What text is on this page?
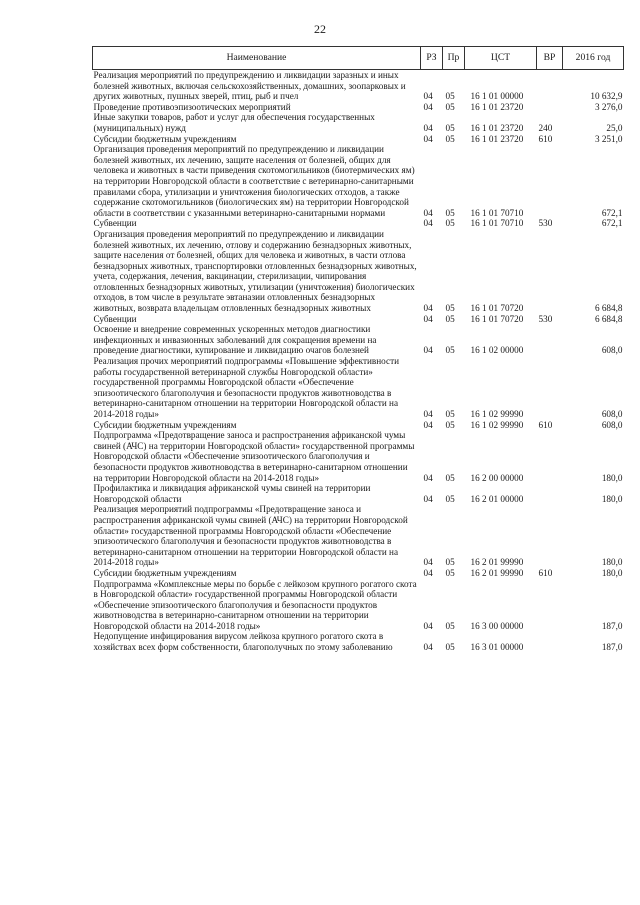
22
Наименование	РЗ	Пр	ЦСТ	ВР	2016 год
Реализация мероприятий по предупреждению и ликвидации заразных и иных болезней животных, включая сельскохозяйственных, домашних, зоопарковых и других животных, пушных зверей, птиц, рыб и пчел	04	05	16 1 01 00000		10 632,9
Проведение противоэпизоотических мероприятий	04	05	16 1 01 23720		3 276,0
Иные закупки товаров, работ и услуг для обеспечения государственных (муниципальных) нужд	04	05	16 1 01 23720	240	25,0
Субсидии бюджетным учреждениям	04	05	16 1 01 23720	610	3 251,0
Организация проведения мероприятий по предупреждению и ликвидации болезней животных, их лечению, защите населения от болезней, общих для человека и животных в части приведения скотомогильников (биотермических ям) на территории Новгородской области в соответствие с ветеринарно-санитарными правилами сбора, утилизации и уничтожения биологических отходов, а также содержание скотомогильников (биологических ям) на территории Новгородской области в соответствии с указанными ветеринарно-санитарными нормами	04	05	16 1 01 70710		672,1
Субвенции	04	05	16 1 01 70710	530	672,1
Организация проведения мероприятий по предупреждению и ликвидации болезней животных, их лечению, отлову и содержанию безнадзорных животных, защите населения от болезней, общих для человека и животных, в части отлова безнадзорных животных, транспортировки отловленных безнадзорных животных, учета, содержания, лечения, вакцинации, стерилизации, чипирования отловленных безнадзорных животных, утилизации (уничтожения) биологических отходов, в том числе в результате эвтаназии отловленных безнадзорных животных, возврата владельцам отловленных безнадзорных животных	04	05	16 1 01 70720		6 684,8
Субвенции	04	05	16 1 01 70720	530	6 684,8
Освоение и внедрение современных ускоренных методов диагностики инфекционных и инвазионных заболеваний для сокращения времени на проведение диагностики, купирование и ликвидацию очагов болезней	04	05	16 1 02 00000		608,0
Реализация прочих мероприятий подпрограммы «Повышение эффективности работы государственной ветеринарной службы Новгородской области» государственной программы Новгородской области «Обеспечение эпизоотического благополучия и безопасности продуктов животноводства в ветеринарно-санитарном отношении на территории Новгородской области на 2014-2018 годы»	04	05	16 1 02 99990		608,0
Субсидии бюджетным учреждениям	04	05	16 1 02 99990	610	608,0
Подпрограмма «Предотвращение заноса и распространения африканской чумы свиней (АЧС) на территории Новгородской области» государственной программы Новгородской области «Обеспечение эпизоотического благополучия и безопасности продуктов животноводства в ветеринарно-санитарном отношении на территории Новгородской области на 2014-2018 годы»	04	05	16 2 00 00000		180,0
Профилактика и ликвидация африканской чумы свиней на территории Новгородской области	04	05	16 2 01 00000		180,0
Реализация мероприятий подпрограммы «Предотвращение заноса и распространения африканской чумы свиней (АЧС) на территории Новгородской области» государственной программы Новгородской области «Обеспечение эпизоотического благополучия и безопасности продуктов животноводства в ветеринарно-санитарном отношении на территории Новгородской области на 2014-2018 годы»	04	05	16 2 01 99990		180,0
Субсидии бюджетным учреждениям	04	05	16 2 01 99990	610	180,0
Подпрограмма «Комплексные меры по борьбе с лейкозом крупного рогатого скота в Новгородской области» государственной программы Новгородской области «Обеспечение эпизоотического благополучия и безопасности продуктов животноводства в ветеринарно-санитарном отношении на территории Новгородской области на 2014-2018 годы»	04	05	16 3 00 00000		187,0
Недопущение инфицирования вирусом лейкоза крупного рогатого скота в хозяйствах всех форм собственности, благополучных по этому заболеванию	04	05	16 3 01 00000		187,0
